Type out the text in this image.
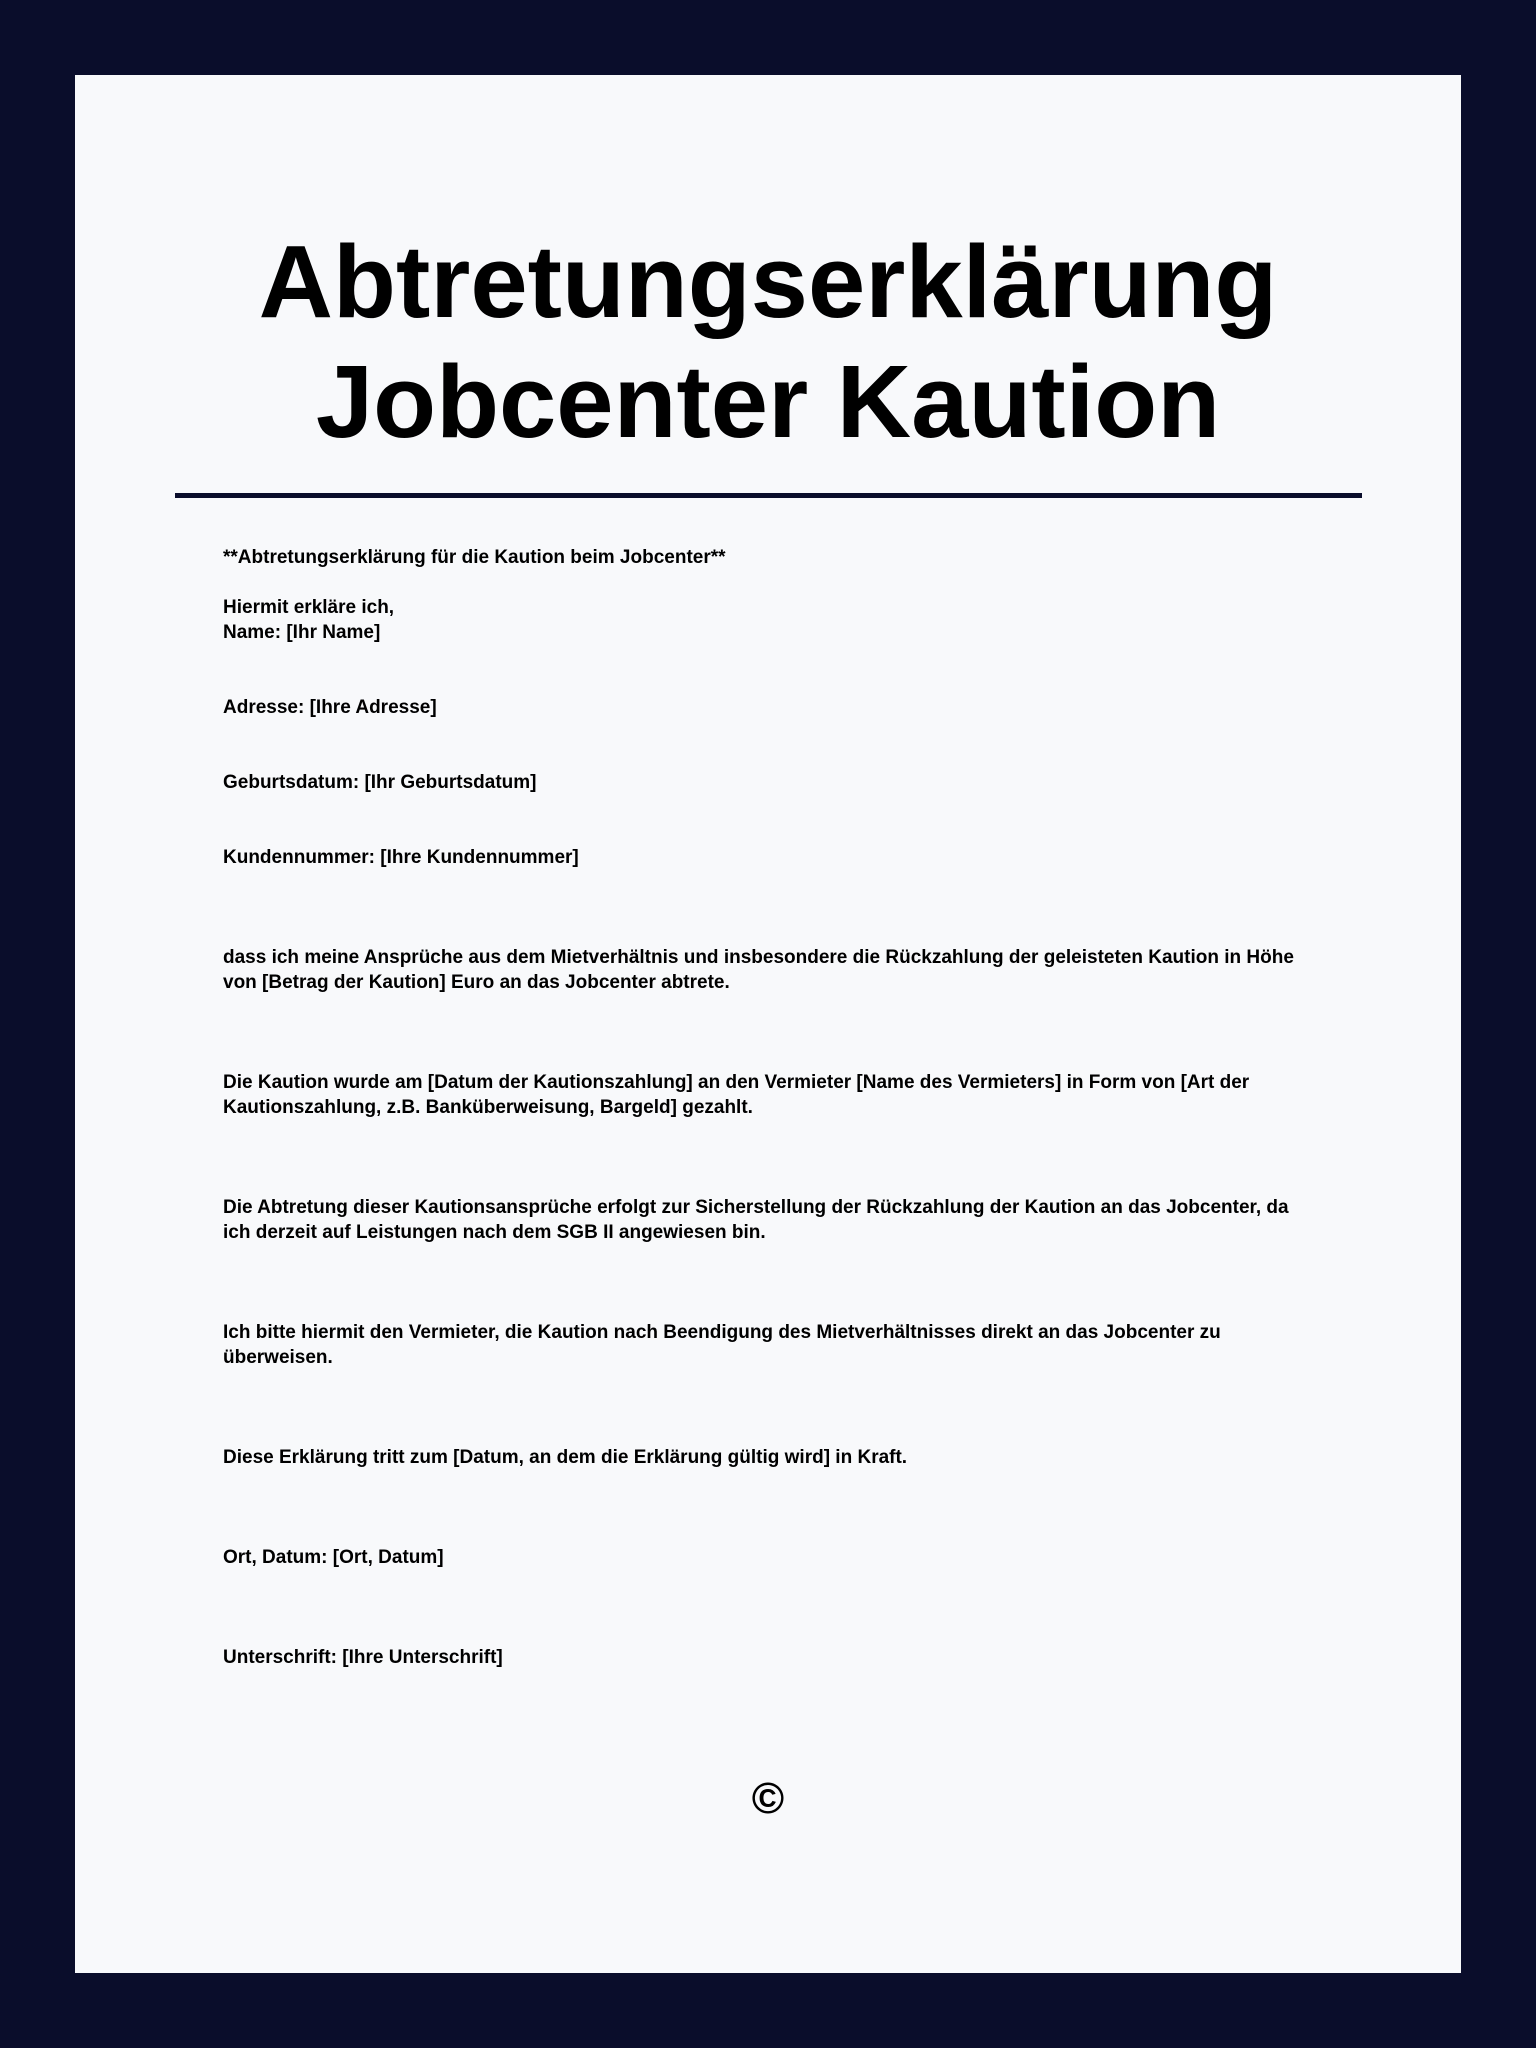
Abtretungserklärung
Jobcenter Kaution
**Abtretungserklärung für die Kaution beim Jobcenter**
Hiermit erkläre ich,
Name: [Ihr Name]
Adresse: [Ihre Adresse]
Geburtsdatum: [Ihr Geburtsdatum]
Kundennummer: [Ihre Kundennummer]
dass ich meine Ansprüche aus dem Mietverhältnis und insbesondere die Rückzahlung der geleisteten Kaution in Höhe
von [Betrag der Kaution] Euro an das Jobcenter abtrete.
Die Kaution wurde am [Datum der Kautionszahlung] an den Vermieter [Name des Vermieters] in Form von [Art der
Kautionszahlung, z.B. Banküberweisung, Bargeld] gezahlt.
Die Abtretung dieser Kautionsansprüche erfolgt zur Sicherstellung der Rückzahlung der Kaution an das Jobcenter, da
ich derzeit auf Leistungen nach dem SGB II angewiesen bin.
Ich bitte hiermit den Vermieter, die Kaution nach Beendigung des Mietverhältnisses direkt an das Jobcenter zu
überweisen.
Diese Erklärung tritt zum [Datum, an dem die Erklärung gültig wird] in Kraft.
Ort, Datum: [Ort, Datum]
Unterschrift: [Ihre Unterschrift]
©
